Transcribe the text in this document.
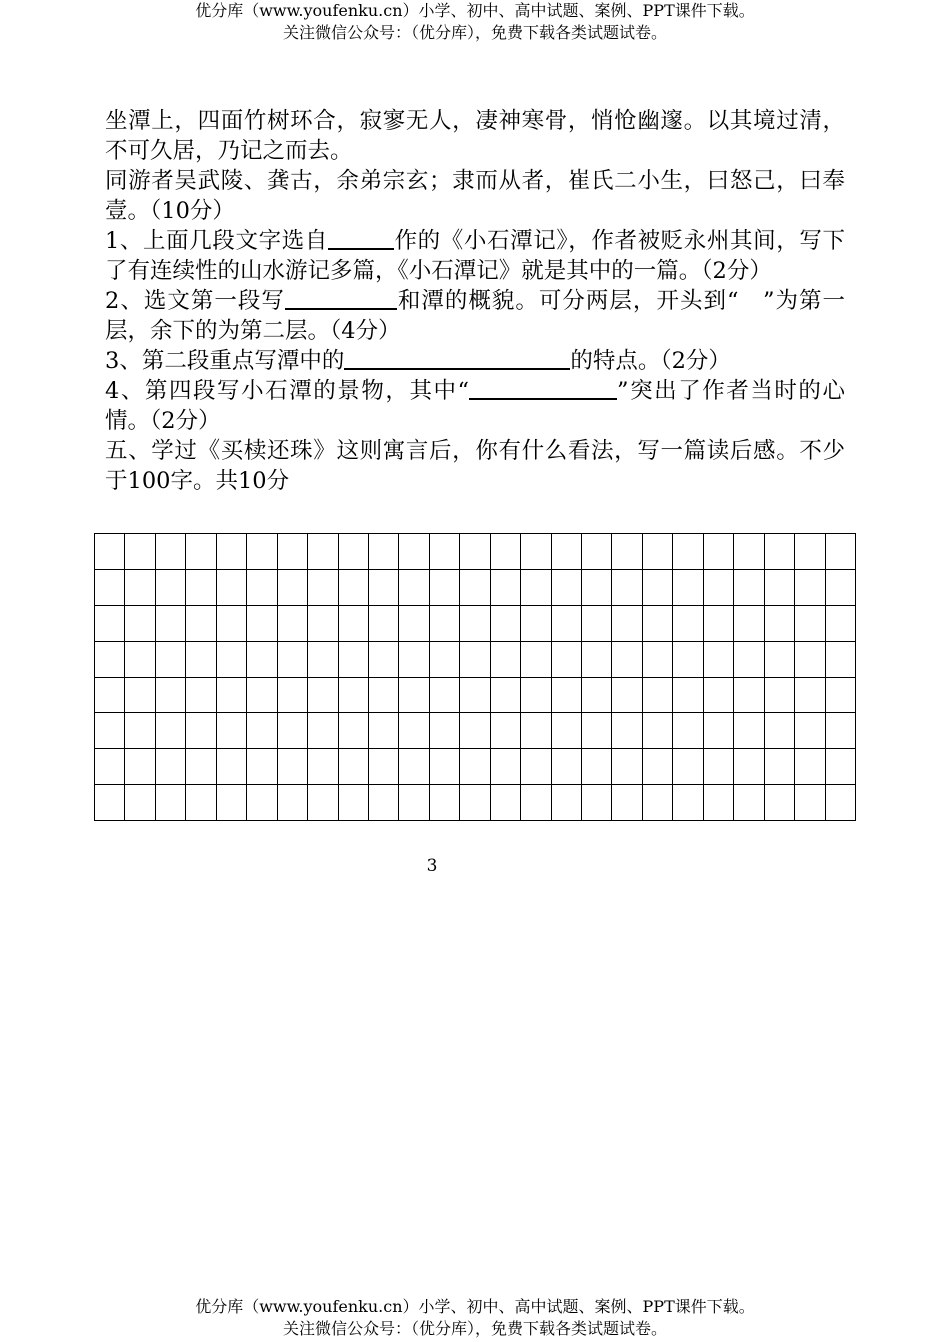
优分库（www.youfenku.cn）小学、初中、高中试题、案例、PPT课件下载。
关注微信公众号：（优分库），免费下载各类试题试卷。

坐潭上，四面竹树环合，寂寥无人，凄神寒骨，悄怆幽邃。以其境过清，不可久居，乃记之而去。

同游者吴武陵、龚古，余弟宗玄；隶而从者，崔氏二小生，曰怒己，曰奉壹。（10分）

1、上面几段文字选自	作的《小石潭记》，作者被贬永州其间，写下了有连续性的山水游记多篇，《小石潭记》就是其中的一篇。（2分）

2、选文第一段写	和潭的概貌。可分两层，开头到“　”为第一层，余下的为第二层。（4分）

3、第二段重点写潭中的	的特点。（2分）

4、第四段写小石潭的景物，其中“	”突出了作者当时的心情。（2分）

五、学过《买椟还珠》这则寓言后，你有什么看法，写一篇读后感。不少于100字。共10分

3
优分库（www.youfenku.cn）小学、初中、高中试题、案例、PPT课件下载。
关注微信公众号：（优分库），免费下载各类试题试卷。
